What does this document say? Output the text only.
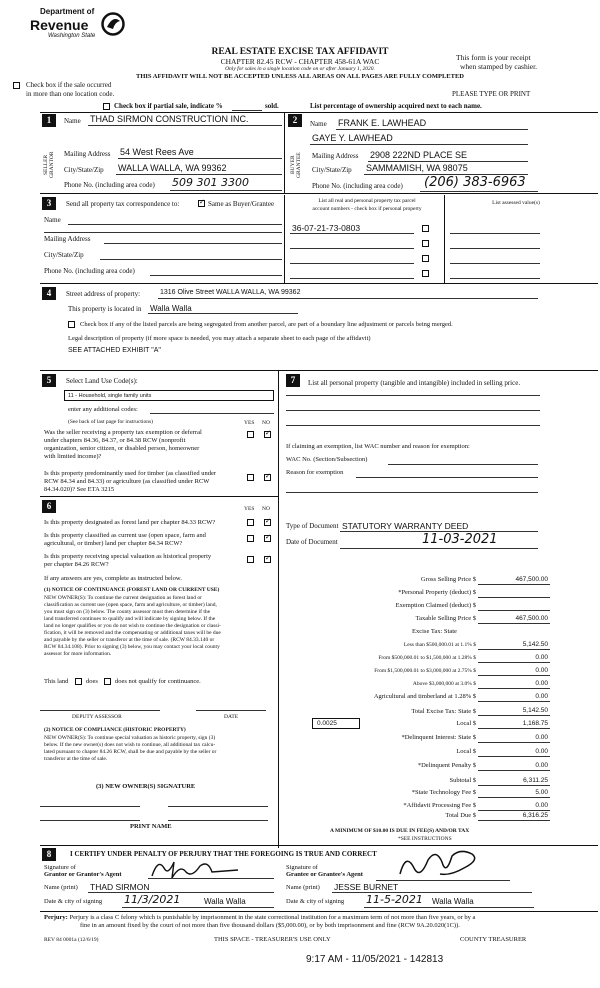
Department of
Revenue
Washington State
REAL ESTATE EXCISE TAX AFFIDAVIT
CHAPTER 82.45 RCW - CHAPTER 458-61A WAC
Only for sales in a single location code on or after January 1, 2020.
THIS AFFIDAVIT WILL NOT BE ACCEPTED UNLESS ALL AREAS ON ALL PAGES ARE FULLY COMPLETED
This form is your receipt
when stamped by cashier.
Check box if the sale occurred
in more than one location code.	PLEASE TYPE OR PRINT
Check box if partial sale, indicate %	sold.	List percentage of ownership acquired next to each name.
1
SELLER
GRANTOR
Name THAD SIRMON CONSTRUCTION INC.
Mailing Address 54 West Rees Ave
City/State/Zip WALLA WALLA, WA 99362
Phone No. (including area code) 509 301 3300
2
BUYER
GRANTEE
Name FRANK E. LAWHEAD
GAYE Y. LAWHEAD
Mailing Address 2908 222ND PLACE SE
City/State/Zip SAMMAMISH, WA 98075
Phone No. (including area code) (206) 383-6963
3	Send all property tax correspondence to:
✓	Same as Buyer/Grantee
Name
Mailing Address
City/State/Zip
Phone No. (including area code)
List all real and personal property tax parcel
account numbers - check box if personal property
List assessed value(s)
36-07-21-73-0803
4	Street address of property:	1316 Olive Street WALLA WALLA, WA 99362
This property is located in Walla Walla
Check box if any of the listed parcels are being segregated from another parcel, are part of a boundary line adjustment or parcels being merged.
Legal description of property (if more space is needed, you may attach a separate sheet to each page of the affidavit)
SEE ATTACHED EXHIBIT "A"
5	Select Land Use Code(s):
11 - Household, single family units
enter any additional codes:
(See back of last page for instructions)	YES NO
Was the seller receiving a property tax exemption or deferral
under chapters 84.36, 84.37, or 84.38 RCW (nonprofit
organization, senior citizen, or disabled person, homeowner
with limited income)?
✓
Is this property predominantly used for timber (as classified under
RCW 84.34 and 84.33) or agriculture (as classified under RCW
84.34.020)? See ETA 3215
✓
6	YES NO
Is this property designated as forest land per chapter 84.33 RCW?
✓
Is this property classified as current use (open space, farm and
agricultural, or timber) land per chapter 84.34 RCW?
✓
Is this property receiving special valuation as historical property
per chapter 84.26 RCW?
✓
If any answers are yes, complete as instructed below.
(1) NOTICE OF CONTINUANCE (FOREST LAND OR CURRENT USE)
NEW OWNER(S): To continue the current designation as forest land or
classification as current use (open space, farm and agriculture, or timber) land,
you must sign on (3) below. The county assessor must then determine if the
land transferred continues to qualify and will indicate by signing below. If the
land no longer qualifies or you do not wish to continue the designation or classi-
fication, it will be removed and the compensating or additional taxes will be due
and payable by the seller or transferor at the time of sale. (RCW 84.33.140 or
RCW 84.34.108). Prior to signing (3) below, you may contact your local county
assessor for more information.
This land	does	does not qualify for continuance.
DEPUTY ASSESSOR	DATE
(2) NOTICE OF COMPLIANCE (HISTORIC PROPERTY)
NEW OWNER(S): To continue special valuation as historic property, sign (3)
below. If the new owner(s) does not wish to continue, all additional tax calcu-
lated pursuant to chapter 84.26 RCW, shall be due and payable by the seller or
transferor at the time of sale.
(3) NEW OWNER(S) SIGNATURE
PRINT NAME
7	List all personal property (tangible and intangible) included in selling price.
If claiming an exemption, list WAC number and reason for exemption:
WAC No. (Section/Subsection)
Reason for exemption
Type of Document STATUTORY WARRANTY DEED
Date of Document	11-03-2021
Gross Selling Price $	467,500.00
*Personal Property (deduct) $
Exemption Claimed (deduct) $
Taxable Selling Price $	467,500.00
Excise Tax: State
Less than $500,000.01 at 1.1% $	5,142.50
From $500,000.01 to $1,500,000 at 1.28% $	0.00
From $1,500,000.01 to $3,000,000 at 2.75% $	0.00
Above $3,000,000 at 3.0% $	0.00
Agricultural and timberland at 1.28% $	0.00
Total Excise Tax: State $	5,142.50
0.0025	Local $	1,168.75
*Delinquent Interest: State $	0.00
Local $	0.00
*Delinquent Penalty $	0.00
Subtotal $	6,311.25
*State Technology Fee $	5.00
*Affidavit Processing Fee $	0.00
Total Due $	6,316.25
A MINIMUM OF $10.00 IS DUE IN FEE(S) AND/OR TAX
*SEE INSTRUCTIONS
8	I CERTIFY UNDER PENALTY OF PERJURY THAT THE FOREGOING IS TRUE AND CORRECT
Signature of
Grantor or Grantor's Agent
Signature of
Grantee or Grantee's Agent
Name (print) THAD SIRMON	Name (print) JESSE BURNET
Date & city of signing 11/3/2021	Walla Walla	Date & city of signing 11-5-2021 Walla Walla
Perjury: Perjury is a class C felony which is punishable by imprisonment in the state correctional institution for a maximum term of not more than five years, or by a
fine in an amount fixed by the court of not more than five thousand dollars ($5,000.00), or by both imprisonment and fine (RCW 9A.20.020(1C)).
REV 84 0001a (12/6/19)	THIS SPACE - TREASURER'S USE ONLY	COUNTY TREASURER
9:17 AM - 11/05/2021 - 142813
